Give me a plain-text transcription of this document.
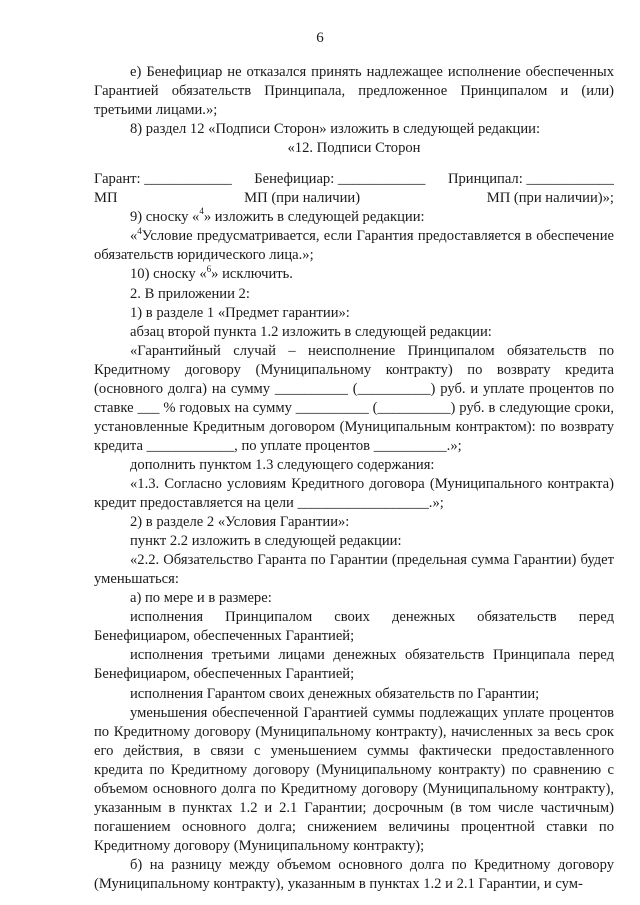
6

е) Бенефициар не отказался принять надлежащее исполнение обеспеченных Гарантией обязательств Принципала, предложенное Принципалом и (или) третьими лицами.»;

8) раздел 12 «Подписи Сторон» изложить в следующей редакции:

«12. Подписи Сторон

Гарант: ____________ Бенефициар: ____________ Принципал: ____________
МП	МП (при наличии)	МП (при наличии)»;

9) сноску «$^4$» изложить в следующей редакции:

«$^4$Условие предусматривается, если Гарантия предоставляется в обеспечение обязательств юридического лица.»;

10) сноску «$^6$» исключить.

2. В приложении 2:

1) в разделе 1 «Предмет гарантии»:

абзац второй пункта 1.2 изложить в следующей редакции:

«Гарантийный случай – неисполнение Принципалом обязательств по Кредитному договору (Муниципальному контракту) по возврату кредита (основного долга) на сумму __________ (__________) руб. и уплате процентов по ставке ___ % годовых на сумму __________ (__________) руб. в следующие сроки, установленные Кредитным договором (Муниципальным контрактом): по возврату кредита ____________, по уплате процентов __________.»;

дополнить пунктом 1.3 следующего содержания:

«1.3. Согласно условиям Кредитного договора (Муниципального контракта) кредит предоставляется на цели __________________.»;

2) в разделе 2 «Условия Гарантии»:

пункт 2.2 изложить в следующей редакции:

«2.2. Обязательство Гаранта по Гарантии (предельная сумма Гарантии) будет уменьшаться:

а) по мере и в размере:

исполнения Принципалом своих денежных обязательств перед Бенефициаром, обеспеченных Гарантией;

исполнения третьими лицами денежных обязательств Принципала перед Бенефициаром, обеспеченных Гарантией;

исполнения Гарантом своих денежных обязательств по Гарантии;

уменьшения обеспеченной Гарантией суммы подлежащих уплате процентов по Кредитному договору (Муниципальному контракту), начисленных за весь срок его действия, в связи с уменьшением суммы фактически предоставленного кредита по Кредитному договору (Муниципальному контракту) по сравнению с объемом основного долга по Кредитному договору (Муниципальному контракту), указанным в пунктах 1.2 и 2.1 Гарантии; досрочным (в том числе частичным) погашением основного долга; снижением величины процентной ставки по Кредитному договору (Муниципальному контракту);

б) на разницу между объемом основного долга по Кредитному договору (Муниципальному контракту), указанным в пунктах 1.2 и 2.1 Гарантии, и сум-
